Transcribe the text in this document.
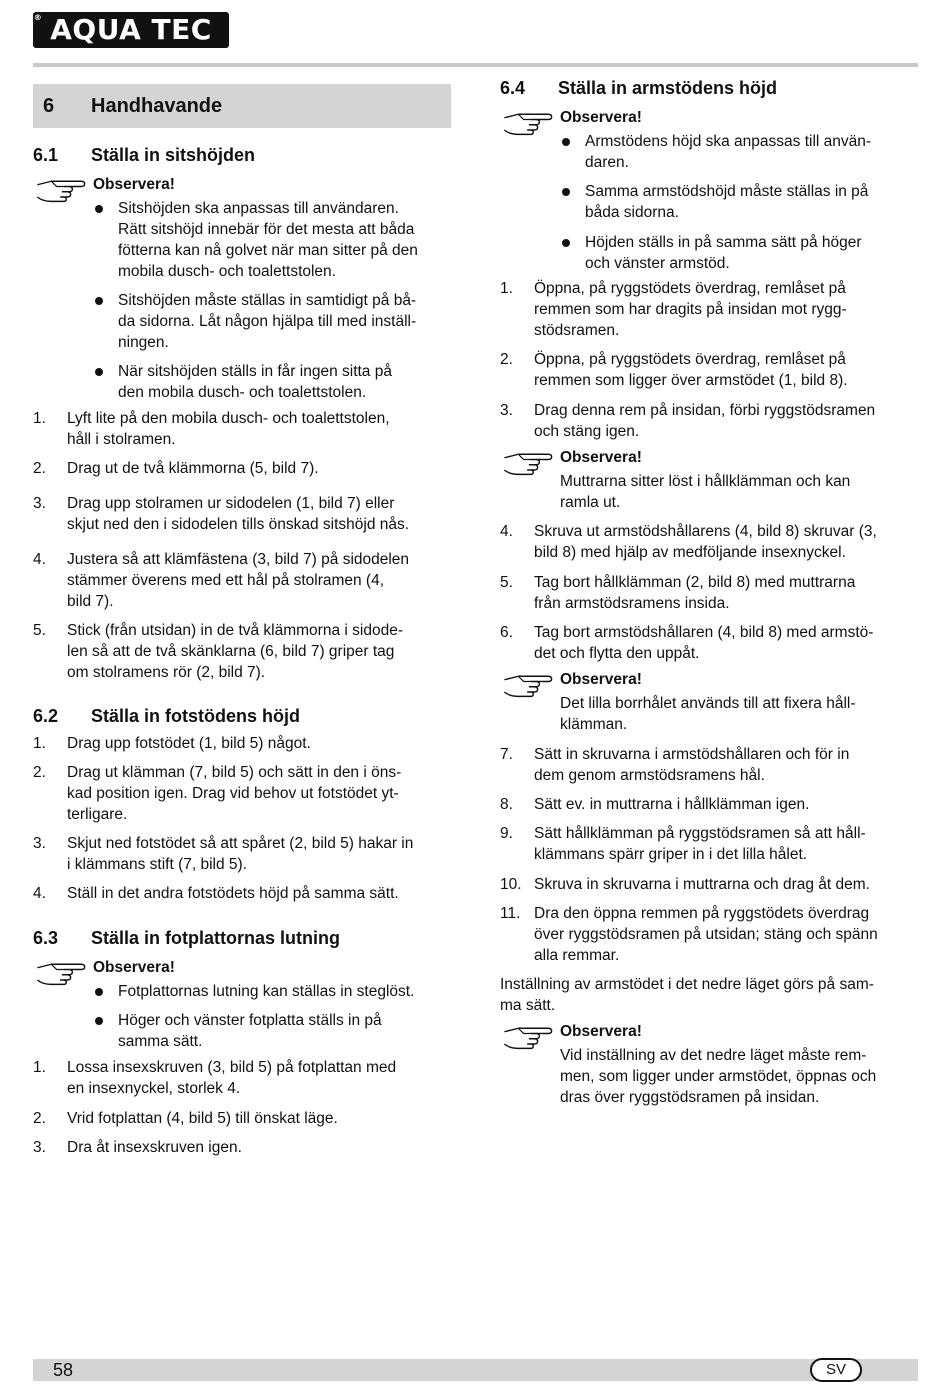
AQUA TEC
®
6 Handhavande
6.1 Ställa in sitshöjden
Observera!
Sitshöjden ska anpassas till användaren.
Rätt sitshöjd innebär för det mesta att båda
fötterna kan nå golvet när man sitter på den
mobila dusch- och toalettstolen.
Sitshöjden måste ställas in samtidigt på bå-
da sidorna. Låt någon hjälpa till med inställ-
ningen.
När sitshöjden ställs in får ingen sitta på
den mobila dusch- och toalettstolen.
1. Lyft lite på den mobila dusch- och toalettstolen,
håll i stolramen.
2. Drag ut de två klämmorna (5, bild 7).
3. Drag upp stolramen ur sidodelen (1, bild 7) eller
skjut ned den i sidodelen tills önskad sitshöjd nås.
4. Justera så att klämfästena (3, bild 7) på sidodelen
stämmer överens med ett hål på stolramen (4,
bild 7).
5. Stick (från utsidan) in de två klämmorna i sidode-
len så att de två skänklarna (6, bild 7) griper tag
om stolramens rör (2, bild 7).
6.2 Ställa in fotstödens höjd
1. Drag upp fotstödet (1, bild 5) något.
2. Drag ut klämman (7, bild 5) och sätt in den i öns-
kad position igen. Drag vid behov ut fotstödet yt-
terligare.
3. Skjut ned fotstödet så att spåret (2, bild 5) hakar in
i klämmans stift (7, bild 5).
4. Ställ in det andra fotstödets höjd på samma sätt.
6.3 Ställa in fotplattornas lutning
Observera!
Fotplattornas lutning kan ställas in steglöst.
Höger och vänster fotplatta ställs in på
samma sätt.
1. Lossa insexskruven (3, bild 5) på fotplattan med
en insexnyckel, storlek 4.
2. Vrid fotplattan (4, bild 5) till önskat läge.
3. Dra åt insexskruven igen.
6.4 Ställa in armstödens höjd
Observera!
Armstödens höjd ska anpassas till använ-
daren.
Samma armstödshöjd måste ställas in på
båda sidorna.
Höjden ställs in på samma sätt på höger
och vänster armstöd.
1. Öppna, på ryggstödets överdrag, remlåset på
remmen som har dragits på insidan mot rygg-
stödsramen.
2. Öppna, på ryggstödets överdrag, remlåset på
remmen som ligger över armstödet (1, bild 8).
3. Drag denna rem på insidan, förbi ryggstödsramen
och stäng igen.
Observera!
Muttrarna sitter löst i hållklämman och kan
ramla ut.
4. Skruva ut armstödshållarens (4, bild 8) skruvar (3,
bild 8) med hjälp av medföljande insexnyckel.
5. Tag bort hållklämman (2, bild 8) med muttrarna
från armstödsramens insida.
6. Tag bort armstödshållaren (4, bild 8) med armstö-
det och flytta den uppåt.
Observera!
Det lilla borrhålet används till att fixera håll-
klämman.
7. Sätt in skruvarna i armstödshållaren och för in
dem genom armstödsramens hål.
8. Sätt ev. in muttrarna i hållklämman igen.
9. Sätt hållklämman på ryggstödsramen så att håll-
klämmans spärr griper in i det lilla hålet.
10. Skruva in skruvarna i muttrarna och drag åt dem.
11. Dra den öppna remmen på ryggstödets överdrag
över ryggstödsramen på utsidan; stäng och spänn
alla remmar.
Inställning av armstödet i det nedre läget görs på sam-
ma sätt.
Observera!
Vid inställning av det nedre läget måste rem-
men, som ligger under armstödet, öppnas och
dras över ryggstödsramen på insidan.
58	SV
